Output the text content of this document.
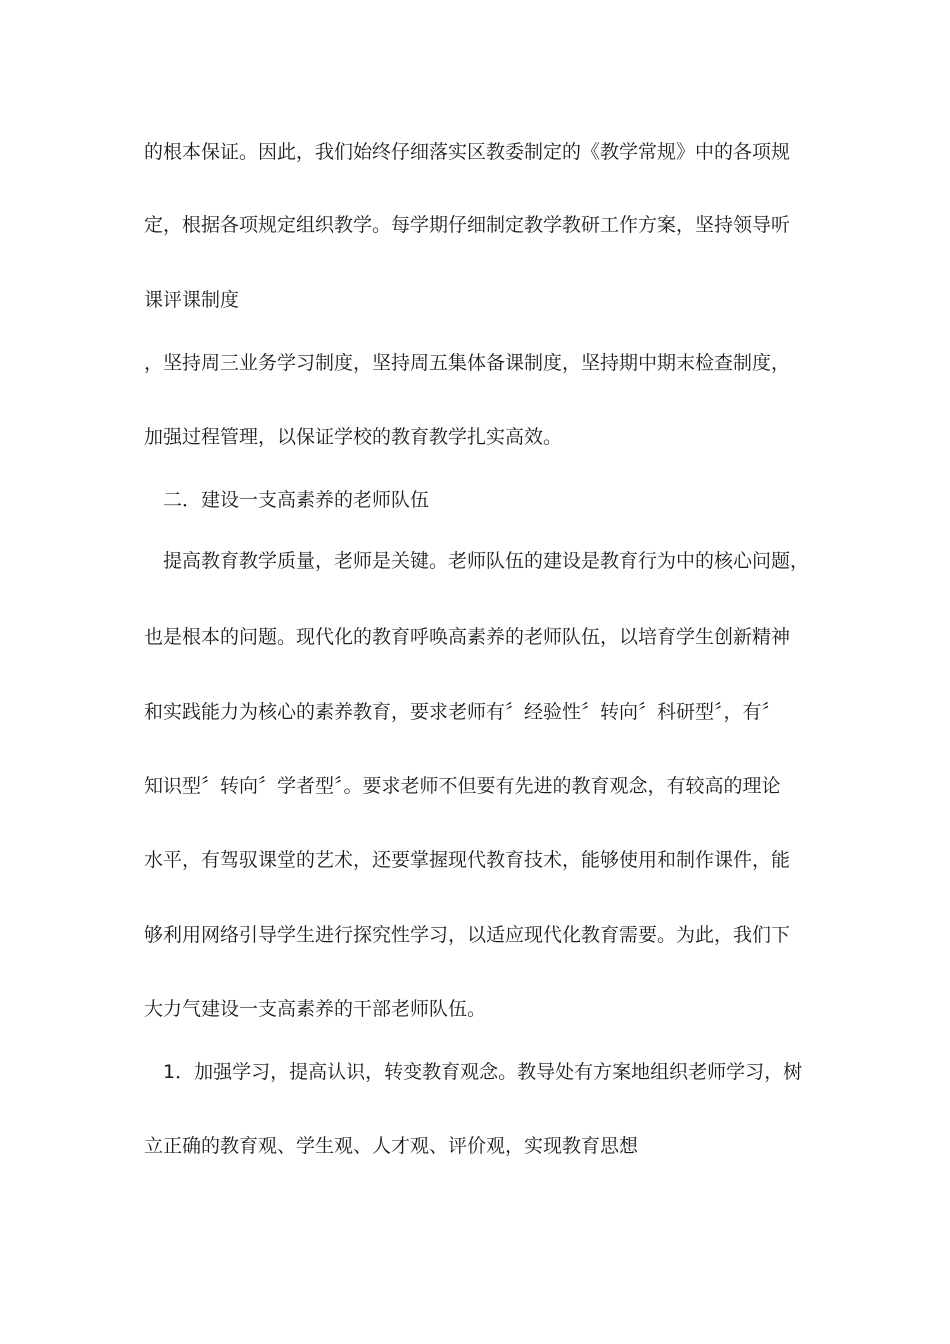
的根本保证。因此，我们始终仔细落实区教委制定的《教学常规》中的各项规

定，根据各项规定组织教学。每学期仔细制定教学教研工作方案，坚持领导听

课评课制度

，坚持周三业务学习制度，坚持周五集体备课制度，坚持期中期末检查制度，

加强过程管理，以保证学校的教育教学扎实高效。

二．建设一支高素养的老师队伍

提高教育教学质量，老师是关键。老师队伍的建设是教育行为中的核心问题，

也是根本的问题。现代化的教育呼唤高素养的老师队伍，以培育学生创新精神

和实践能力为核心的素养教育，要求老师有〞经验性〞转向〞科研型〞，有〞

知识型〞转向〞学者型〞。要求老师不但要有先进的教育观念，有较高的理论

水平，有驾驭课堂的艺术，还要掌握现代教育技术，能够使用和制作课件，能

够利用网络引导学生进行探究性学习，以适应现代化教育需要。为此，我们下

大力气建设一支高素养的干部老师队伍。

1．加强学习，提高认识，转变教育观念。教导处有方案地组织老师学习，树

立正确的教育观、学生观、人才观、评价观，实现教育思想
